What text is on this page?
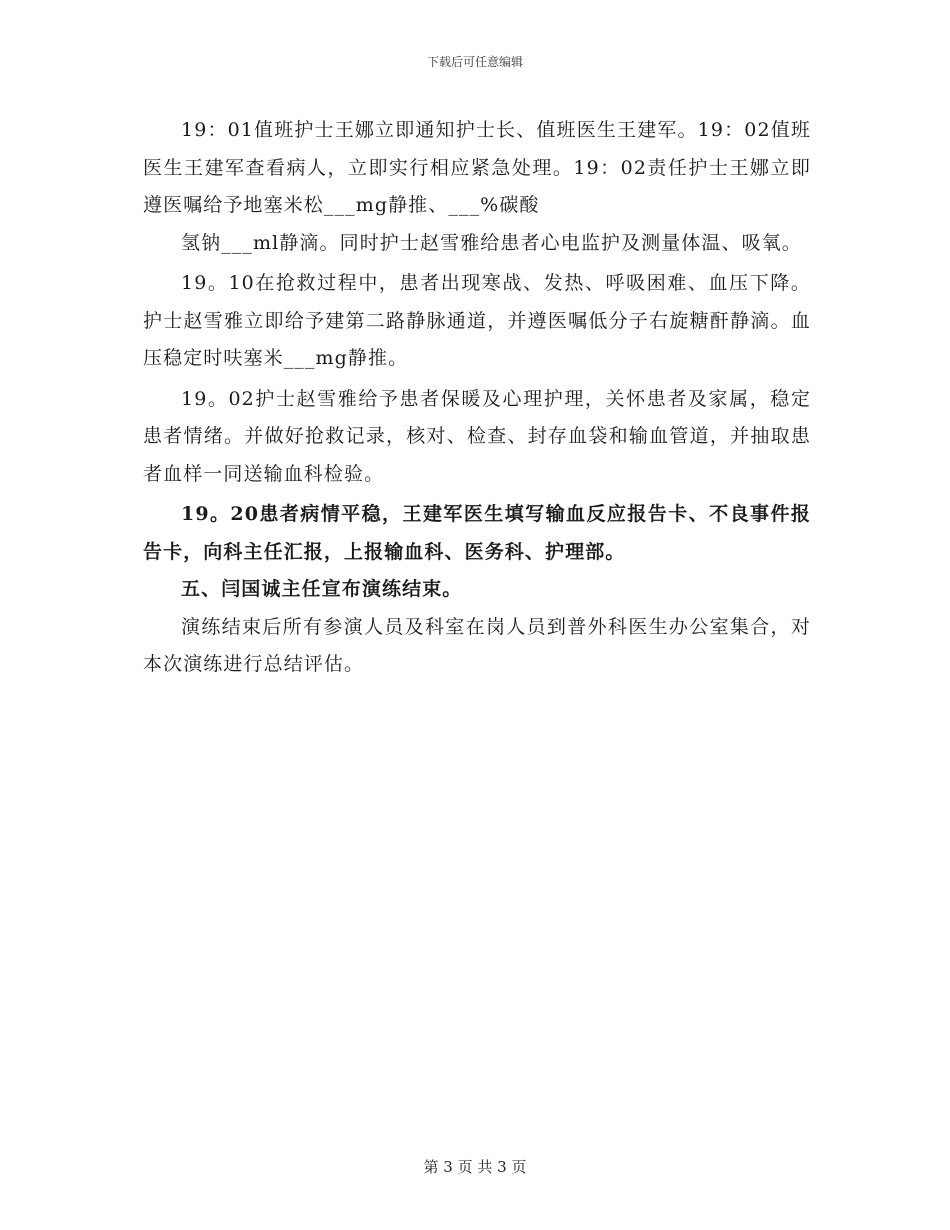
下载后可任意编辑

19：01值班护士王娜立即通知护士长、值班医生王建军。19：02值班医生王建军查看病人，立即实行相应紧急处理。19：02责任护士王娜立即遵医嘱给予地塞米松___mg静推、___%碳酸

氢钠___ml静滴。同时护士赵雪雅给患者心电监护及测量体温、吸氧。

19。10在抢救过程中，患者出现寒战、发热、呼吸困难、血压下降。护士赵雪雅立即给予建第二路静脉通道，并遵医嘱低分子右旋糖酐静滴。血压稳定时呋塞米___mg静推。

19。02护士赵雪雅给予患者保暖及心理护理，关怀患者及家属，稳定患者情绪。并做好抢救记录，核对、检查、封存血袋和输血管道，并抽取患者血样一同送输血科检验。

19。20患者病情平稳，王建军医生填写输血反应报告卡、不良事件报告卡，向科主任汇报，上报输血科、医务科、护理部。

五、闫国诚主任宣布演练结束。

演练结束后所有参演人员及科室在岗人员到普外科医生办公室集合，对本次演练进行总结评估。

第 3 页 共 3 页
